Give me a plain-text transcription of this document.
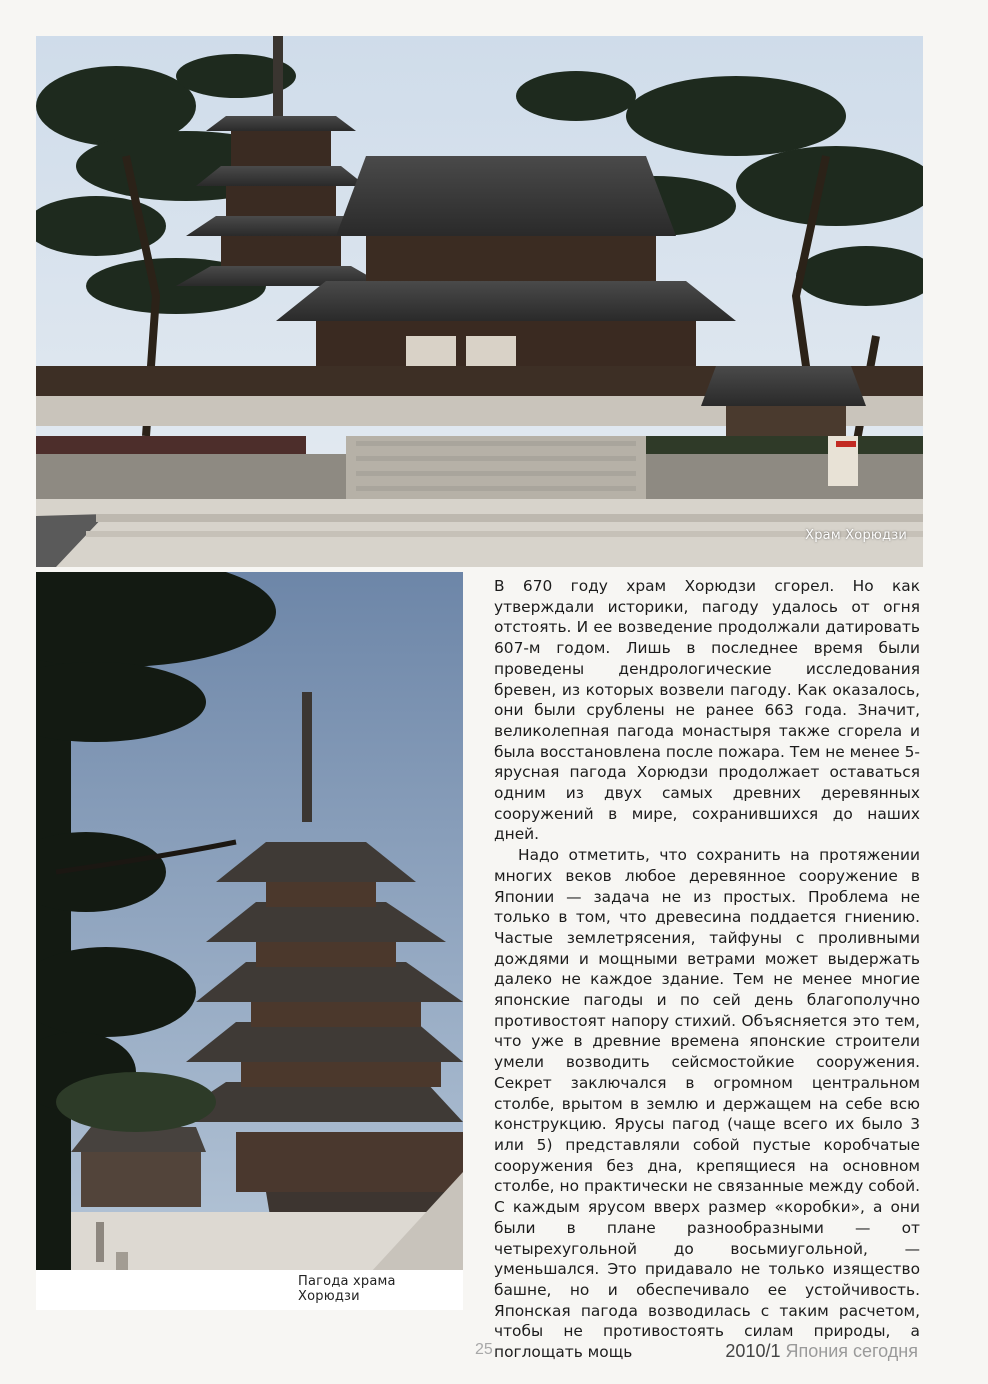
Храм Хорюдзи
Пагода храма Хорюдзи

В 670 году храм Хорюдзи сгорел. Но как утверждали историки, пагоду удалось от огня отстоять. И ее возведение продолжали датировать 607-м годом. Лишь в последнее время были проведены дендрологические исследования бревен, из которых возвели пагоду. Как оказалось, они были срублены не ранее 663 года. Значит, великолепная пагода монастыря также сгорела и была восстановлена после пожара. Тем не менее 5-ярусная пагода Хорюдзи продолжает оставаться одним из двух самых древних деревянных сооружений в мире, сохранившихся до наших дней.

Надо отметить, что сохранить на протяжении многих веков любое деревянное сооружение в Японии — задача не из простых. Проблема не только в том, что древесина поддается гниению. Частые землетрясения, тайфуны с проливными дождями и мощными ветрами может выдержать далеко не каждое здание. Тем не менее многие японские пагоды и по сей день благополучно противостоят напору стихий. Объясняется это тем, что уже в древние времена японские строители умели возводить сейсмостойкие сооружения. Секрет заключался в огромном центральном столбе, врытом в землю и держащем на себе всю конструкцию. Ярусы пагод (чаще всего их было 3 или 5) представляли собой пустые коробчатые сооружения без дна, крепящиеся на основном столбе, но практически не связанные между собой. С каждым ярусом вверх размер «коробки», а они были в плане разнообразными — от четырехугольной до восьмиугольной, — уменьшался. Это придавало не только изящество башне, но и обеспечивало ее устойчивость. Японская пагода возводилась с таким расчетом, чтобы не противостоять силам природы, а поглощать мощь

25	2010/1 Япония сегодня
